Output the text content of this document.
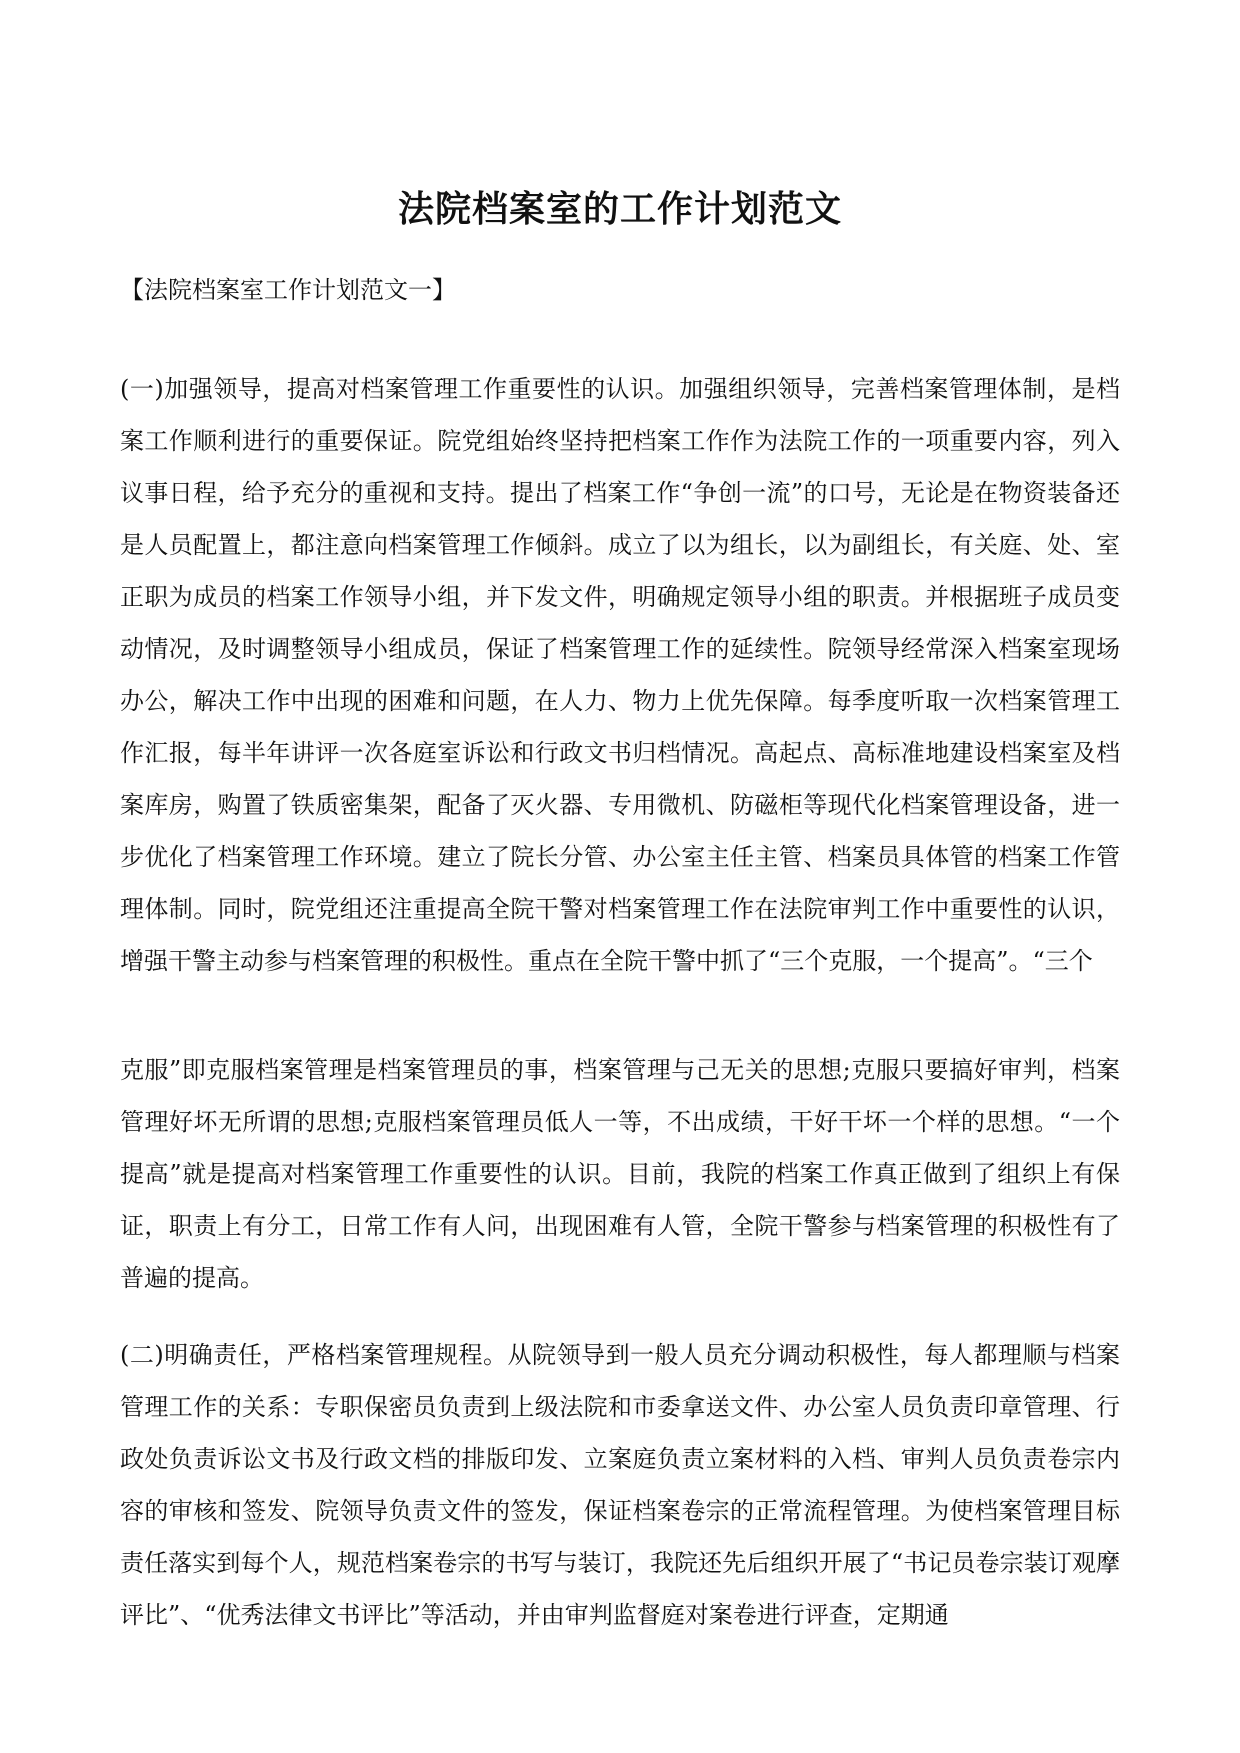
法院档案室的工作计划范文
【法院档案室工作计划范文一】

(一)加强领导，提高对档案管理工作重要性的认识。加强组织领导，完善档案管理体制，是档案工作顺利进行的重要保证。院党组始终坚持把档案工作作为法院工作的一项重要内容，列入议事日程，给予充分的重视和支持。提出了档案工作“争创一流”的口号，无论是在物资装备还是人员配置上，都注意向档案管理工作倾斜。成立了以为组长，以为副组长，有关庭、处、室正职为成员的档案工作领导小组，并下发文件，明确规定领导小组的职责。并根据班子成员变动情况，及时调整领导小组成员，保证了档案管理工作的延续性。院领导经常深入档案室现场办公，解决工作中出现的困难和问题，在人力、物力上优先保障。每季度听取一次档案管理工作汇报，每半年讲评一次各庭室诉讼和行政文书归档情况。高起点、高标准地建设档案室及档案库房，购置了铁质密集架，配备了灭火器、专用微机、防磁柜等现代化档案管理设备，进一步优化了档案管理工作环境。建立了院长分管、办公室主任主管、档案员具体管的档案工作管理体制。同时，院党组还注重提高全院干警对档案管理工作在法院审判工作中重要性的认识，增强干警主动参与档案管理的积极性。重点在全院干警中抓了“三个克服，一个提高”。“三个

克服”即克服档案管理是档案管理员的事，档案管理与己无关的思想;克服只要搞好审判，档案管理好坏无所谓的思想;克服档案管理员低人一等，不出成绩，干好干坏一个样的思想。“一个提高”就是提高对档案管理工作重要性的认识。目前，我院的档案工作真正做到了组织上有保证，职责上有分工，日常工作有人问，出现困难有人管，全院干警参与档案管理的积极性有了普遍的提高。

(二)明确责任，严格档案管理规程。从院领导到一般人员充分调动积极性，每人都理顺与档案管理工作的关系：专职保密员负责到上级法院和市委拿送文件、办公室人员负责印章管理、行政处负责诉讼文书及行政文档的排版印发、立案庭负责立案材料的入档、审判人员负责卷宗内容的审核和签发、院领导负责文件的签发，保证档案卷宗的正常流程管理。为使档案管理目标责任落实到每个人，规范档案卷宗的书写与装订，我院还先后组织开展了“书记员卷宗装订观摩评比”、“优秀法律文书评比”等活动，并由审判监督庭对案卷进行评查，定期通
